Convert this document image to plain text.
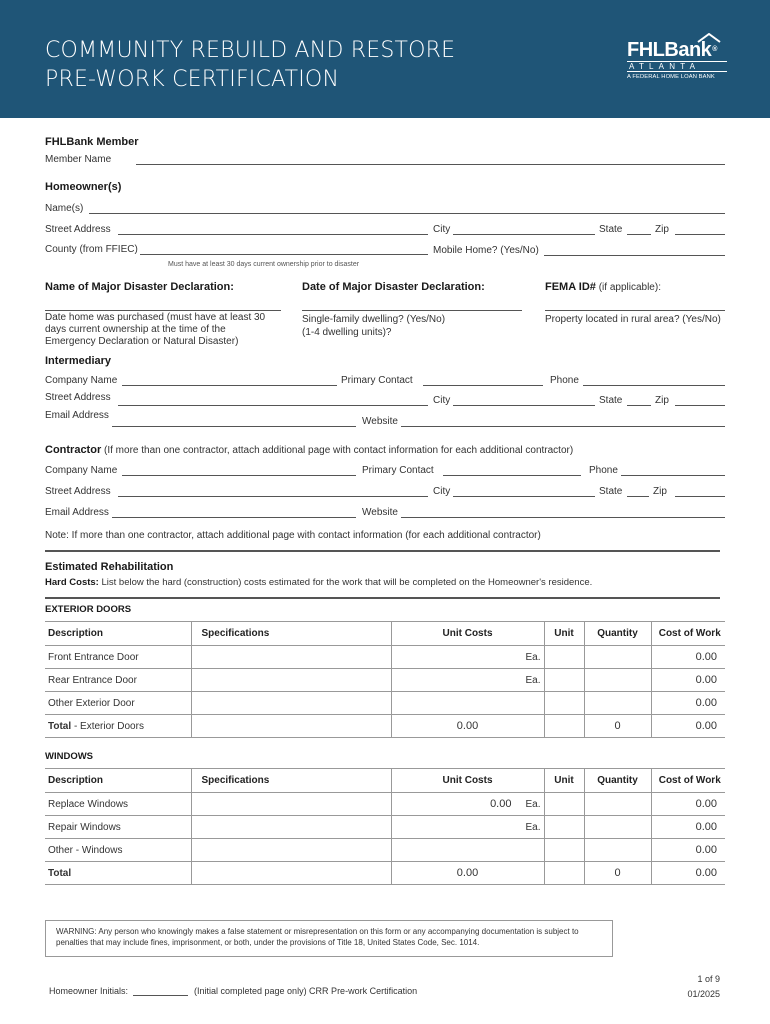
COMMUNITY REBUILD AND RESTORE
PRE-WORK CERTIFICATION
FHLBank ®
ATLANTA
A FEDERAL HOME LOAN BANK
FHLBank Member
Member Name
Homeowner(s)
Name(s)
Street Address	City	State	Zip
County (from FFIEC)	Mobile Home? (Yes/No)
Must have at least 30 days current ownership prior to disaster
Name of Major Disaster Declaration:	Date of Major Disaster Declaration:	FEMA ID# (if applicable):
Date home was purchased (must have at least 30 days current ownership at the time of the Emergency Declaration or Natural Disaster)
Single-family dwelling? (Yes/No)
(1-4 dwelling units)?
Property located in rural area? (Yes/No)
Intermediary
Company Name	Primary Contact	Phone
Street Address	City	State	Zip
Email Address
Website
Contractor (If more than one contractor, attach additional page with contact information for each additional contractor)
Company Name	Primary Contact	Phone
Street Address	City	State	Zip
Email Address	Website
Note: If more than one contractor, attach additional page with contact information (for each additional contractor)
Estimated Rehabilitation
Hard Costs: List below the hard (construction) costs estimated for the work that will be completed on the Homeowner's residence.
EXTERIOR DOORS
Description	Specifications	Unit Costs	Unit	Quantity	Cost of Work
Front Entrance Door		Ea.			0.00
Rear Entrance Door		Ea.			0.00
Other Exterior Door					0.00
Total - Exterior Doors		0.00		0	0.00
WINDOWS
Description	Specifications	Unit Costs	Unit	Quantity	Cost of Work
Replace Windows		0.00 Ea.			0.00
Repair Windows		Ea.			0.00
Other - Windows					0.00
Total		0.00		0	0.00
WARNING: Any person who knowingly makes a false statement or misrepresentation on this form or any accompanying documentation is subject to penalties that may include fines, imprisonment, or both, under the provisions of Title 18, United States Code, Sec. 1014.
Homeowner Initials:	(Initial completed page only) CRR Pre-work Certification
1 of 9
01/2025
